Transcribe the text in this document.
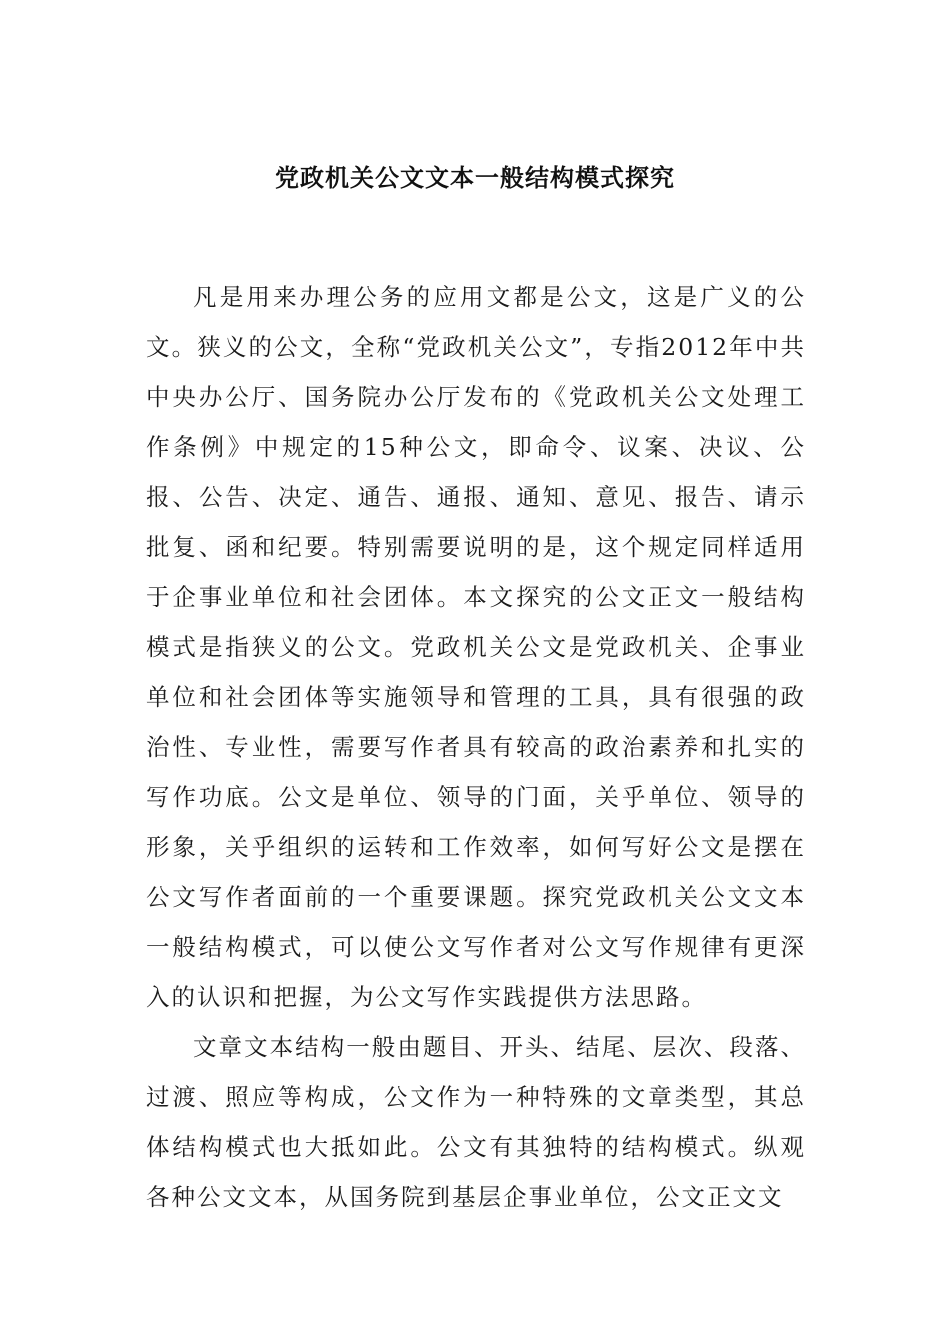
党政机关公文文本一般结构模式探究

凡是用来办理公务的应用文都是公文，这是广义的公文。狭义的公文，全称“党政机关公文”，专指2012年中共中央办公厅、国务院办公厅发布的《党政机关公文处理工作条例》中规定的15种公文，即命令、议案、决议、公报、公告、决定、通告、通报、通知、意见、报告、请示批复、函和纪要。特别需要说明的是，这个规定同样适用于企事业单位和社会团体。本文探究的公文正文一般结构模式是指狭义的公文。党政机关公文是党政机关、企事业单位和社会团体等实施领导和管理的工具，具有很强的政治性、专业性，需要写作者具有较高的政治素养和扎实的写作功底。公文是单位、领导的门面，关乎单位、领导的形象，关乎组织的运转和工作效率，如何写好公文是摆在公文写作者面前的一个重要课题。探究党政机关公文文本一般结构模式，可以使公文写作者对公文写作规律有更深入的认识和把握，为公文写作实践提供方法思路。

文章文本结构一般由题目、开头、结尾、层次、段落、过渡、照应等构成，公文作为一种特殊的文章类型，其总体结构模式也大抵如此。公文有其独特的结构模式。纵观各种公文文本，从国务院到基层企事业单位，公文正文文
